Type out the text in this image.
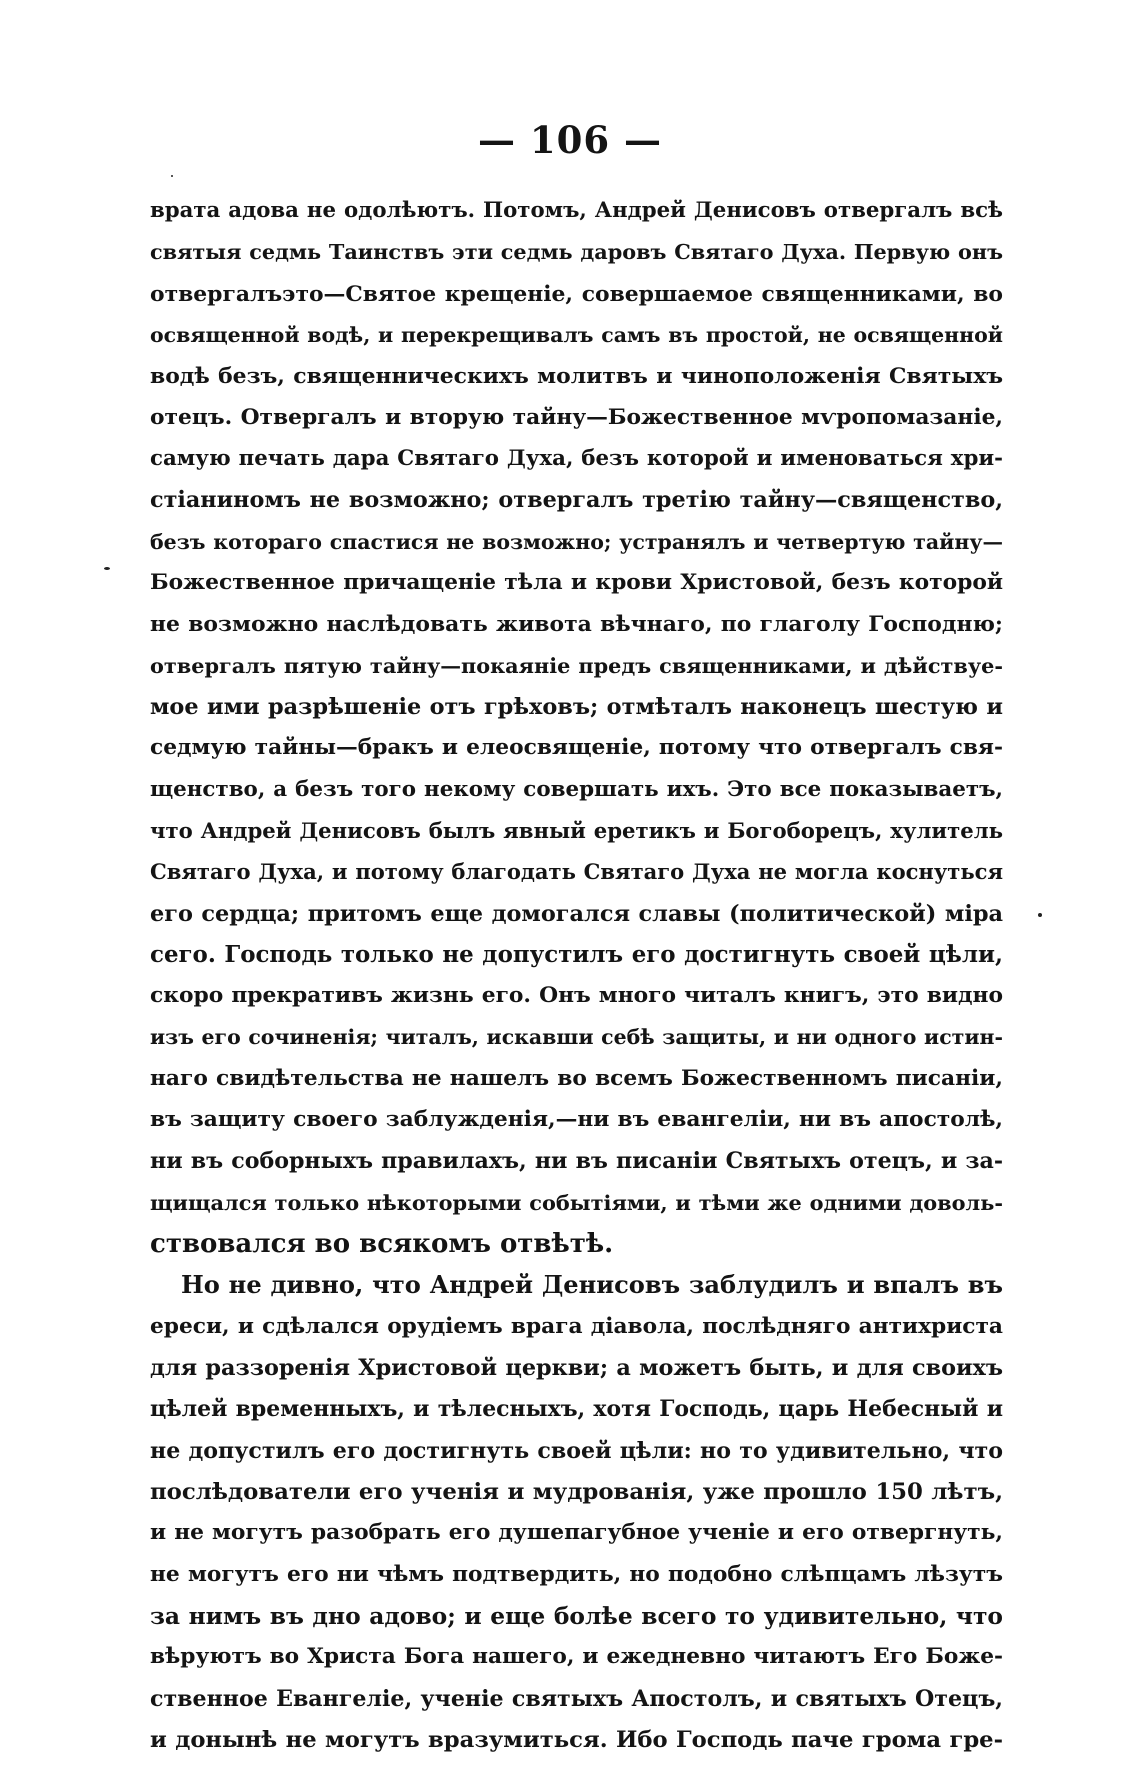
— 106 —
врата адова не одолѣютъ. Потомъ, Андрей Денисовъ отвергалъ всѣ
святыя седмь Таинствъ эти седмь даровъ Святаго Духа. Первую онъ
отвергалъэто—Святое крещеніе, совершаемое священниками, во
освященной водѣ, и перекрещивалъ самъ въ простой, не освященной
водѣ безъ, священническихъ молитвъ и чиноположенія Святыхъ
отецъ. Отвергалъ и вторую тайну—Божественное мѵропомазаніе,
самую печать дара Святаго Духа, безъ которой и именоваться хри-
стіаниномъ не возможно; отвергалъ третію тайну—священство,
безъ котораго спастися не возможно; устранялъ и четвертую тайну—
Божественное причащеніе тѣла и крови Христовой, безъ которой
не возможно наслѣдовать живота вѣчнаго, по глаголу Господню;
отвергалъ пятую тайну—покаяніе предъ священниками, и дѣйствуе-
мое ими разрѣшеніе отъ грѣховъ; отмѣталъ наконецъ шестую и
седмую тайны—бракъ и елеосвященіе, потому что отвергалъ свя-
щенство, а безъ того некому совершать ихъ. Это все показываетъ,
что Андрей Денисовъ былъ явный еретикъ и Богоборецъ, хулитель
Святаго Духа, и потому благодать Святаго Духа не могла коснуться
его сердца; притомъ еще домогался славы (политической) міра
сего. Господь только не допустилъ его достигнуть своей цѣли,
скоро прекративъ жизнь его. Онъ много читалъ книгъ, это видно
изъ его сочиненія; читалъ, искавши себѣ защиты, и ни одного истин-
наго свидѣтельства не нашелъ во всемъ Божественномъ писаніи,
въ защиту своего заблужденія,—ни въ евангеліи, ни въ апостолѣ,
ни въ соборныхъ правилахъ, ни въ писаніи Святыхъ отецъ, и за-
щищался только нѣкоторыми событіями, и тѣми же одними доволь-
ствовался во всякомъ отвѣтѣ.
Но не дивно, что Андрей Денисовъ заблудилъ и впалъ въ
ереси, и сдѣлался орудіемъ врага діавола, послѣдняго антихриста
для раззоренія Христовой церкви; а можетъ быть, и для своихъ
цѣлей временныхъ, и тѣлесныхъ, хотя Господь, царь Небесный и
не допустилъ его достигнуть своей цѣли: но то удивительно, что
послѣдователи его ученія и мудрованія, уже прошло 150 лѣтъ,
и не могутъ разобрать его душепагубное ученіе и его отвергнуть,
не могутъ его ни чѣмъ подтвердить, но подобно слѣпцамъ лѣзутъ
за нимъ въ дно адово; и еще болѣе всего то удивительно, что
вѣруютъ во Христа Бога нашего, и ежедневно читаютъ Его Боже-
ственное Евангеліе, ученіе святыхъ Апостолъ, и святыхъ Отецъ,
и донынѣ не могутъ вразумиться. Ибо Господь паче грома гре-
